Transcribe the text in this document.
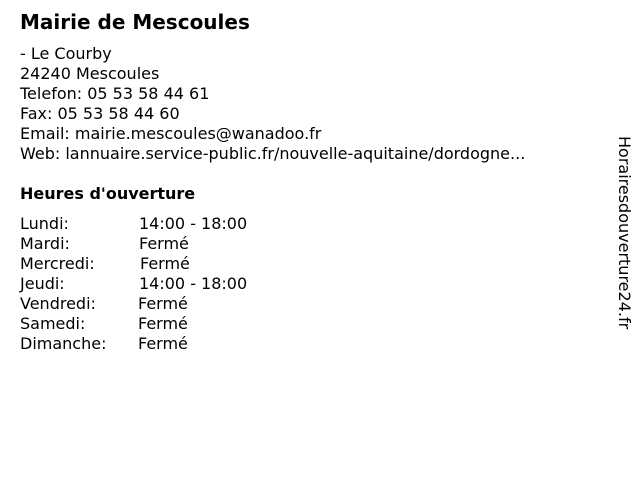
Mairie de Mescoules
- Le Courby
24240 Mescoules
Telefon: 05 53 58 44 61
Fax: 05 53 58 44 60
Email: mairie.mescoules@wanadoo.fr
Web: lannuaire.service-public.fr/nouvelle-aquitaine/dordogne...
Heures d'ouverture
Lundi:	14:00 - 18:00
Mardi:	Fermé
Mercredi:	Fermé
Jeudi:	14:00 - 18:00
Vendredi:	Fermé
Samedi:	Fermé
Dimanche: Fermé
Horairesdouverture24.fr
